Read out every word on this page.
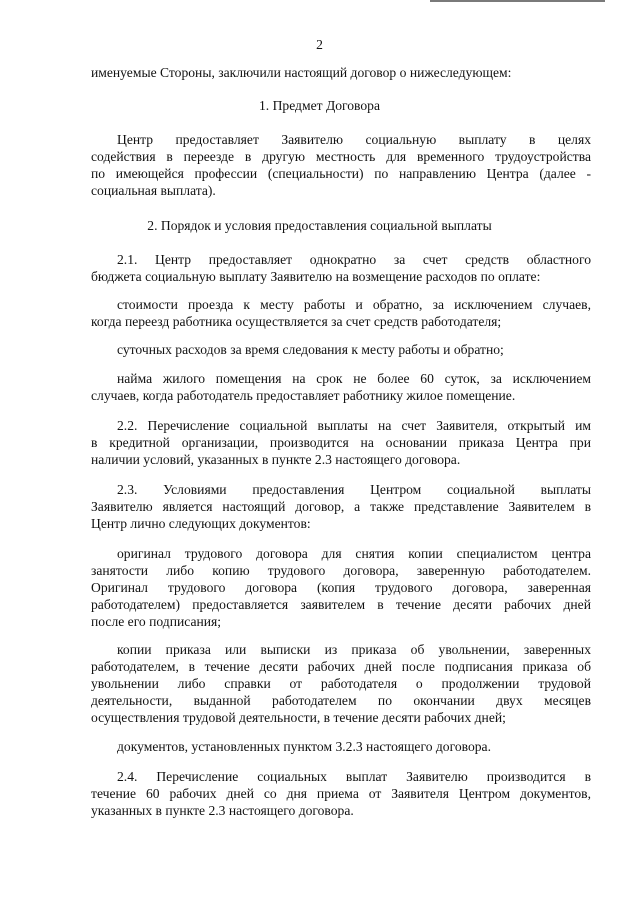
2
именуемые Стороны, заключили настоящий договор о нижеследующем:
1. Предмет Договора
Центр предоставляет Заявителю социальную выплату в целях
содействия в переезде в другую местность для временного трудоустройства
по имеющейся профессии (специальности) по направлению Центра (далее -
социальная выплата).
2. Порядок и условия предоставления социальной выплаты
2.1. Центр предоставляет однократно за счет средств областного
бюджета социальную выплату Заявителю на возмещение расходов по оплате:
стоимости проезда к месту работы и обратно, за исключением случаев,
когда переезд работника осуществляется за счет средств работодателя;
суточных расходов за время следования к месту работы и обратно;
найма жилого помещения на срок не более 60 суток, за исключением
случаев, когда работодатель предоставляет работнику жилое помещение.
2.2. Перечисление социальной выплаты на счет Заявителя, открытый им
в кредитной организации, производится на основании приказа Центра при
наличии условий, указанных в пункте 2.3 настоящего договора.
2.3. Условиями предоставления Центром социальной выплаты
Заявителю является настоящий договор, а также представление Заявителем в
Центр лично следующих документов:
оригинал трудового договора для снятия копии специалистом центра
занятости либо копию трудового договора, заверенную работодателем.
Оригинал трудового договора (копия трудового договора, заверенная
работодателем) предоставляется заявителем в течение десяти рабочих дней
после его подписания;
копии приказа или выписки из приказа об увольнении, заверенных
работодателем, в течение десяти рабочих дней после подписания приказа об
увольнении либо справки от работодателя о продолжении трудовой
деятельности, выданной работодателем по окончании двух месяцев
осуществления трудовой деятельности, в течение десяти рабочих дней;
документов, установленных пунктом 3.2.3 настоящего договора.
2.4. Перечисление социальных выплат Заявителю производится в
течение 60 рабочих дней со дня приема от Заявителя Центром документов,
указанных в пункте 2.3 настоящего договора.
